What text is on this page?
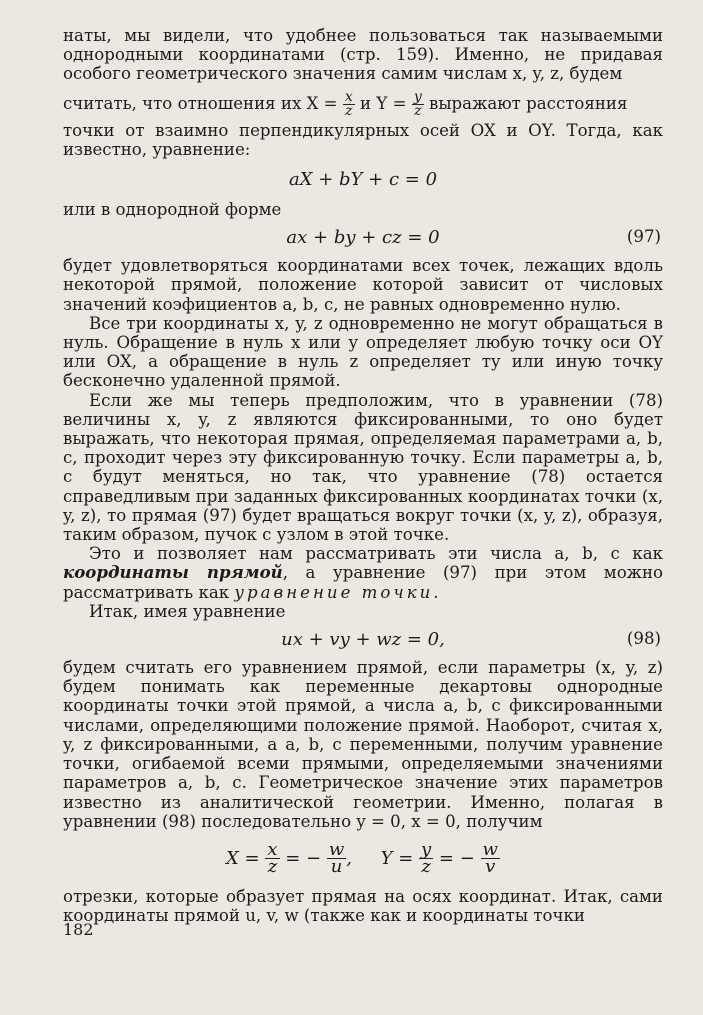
наты, мы видели, что удобнее пользоваться так называемыми однородными координатами (стр. 159). Именно, не придавая особого геометрического значения самим числам x, y, z, будем

считать, что отношения их $X = \frac{x}{z}$ и $Y = \frac{y}{z}$ выражают расстояния

точки от взаимно перпендикулярных осей OX и OY. Тогда, как известно, уравнение:

aX + bY + c = 0

или в однородной форме

ax + by + cz = 0	(97)

будет удовлетворяться координатами всех точек, лежащих вдоль некоторой прямой, положение которой зависит от числовых значений коэфициентов a, b, c, не равных одновременно нулю.

Все три координаты x, y, z одновременно не могут обращаться в нуль. Обращение в нуль x или y определяет любую точку оси OY или OX, а обращение в нуль z определяет ту или иную точку бесконечно удаленной прямой.

Если же мы теперь предположим, что в уравнении (78) величины x, y, z являются фиксированными, то оно будет выражать, что некоторая прямая, определяемая параметрами a, b, c, проходит через эту фиксированную точку. Если параметры a, b, c будут меняться, но так, что уравнение (78) остается справедливым при заданных фиксированных координатах точки (x, y, z), то прямая (97) будет вращаться вокруг точки (x, y, z), образуя, таким образом, пучок с узлом в этой точке.

Это и позволяет нам рассматривать эти числа a, b, c как координаты прямой, а уравнение (97) при этом можно рассматривать как уравнение точки.

Итак, имея уравнение

ux + vy + wz = 0,	(98)

будем считать его уравнением прямой, если параметры (x, y, z) будем понимать как переменные декартовы однородные координаты точки этой прямой, а числа a, b, c фиксированными числами, определяющими положение прямой. Наоборот, считая x, y, z фиксированными, а a, b, c переменными, получим уравнение точки, огибаемой всеми прямыми, определяемыми значениями параметров a, b, c. Геометрическое значение этих параметров известно из аналитической геометрии. Именно, полагая в уравнении (98) последовательно y = 0, x = 0, получим

$X = \frac{x}{z}$ = − $\frac{w}{u}$ ,     $Y = \frac{y}{z}$ = − $\frac{w}{v}$

отрезки, которые образует прямая на осях координат. Итак, сами координаты прямой u, v, w (также как и координаты точки

182
